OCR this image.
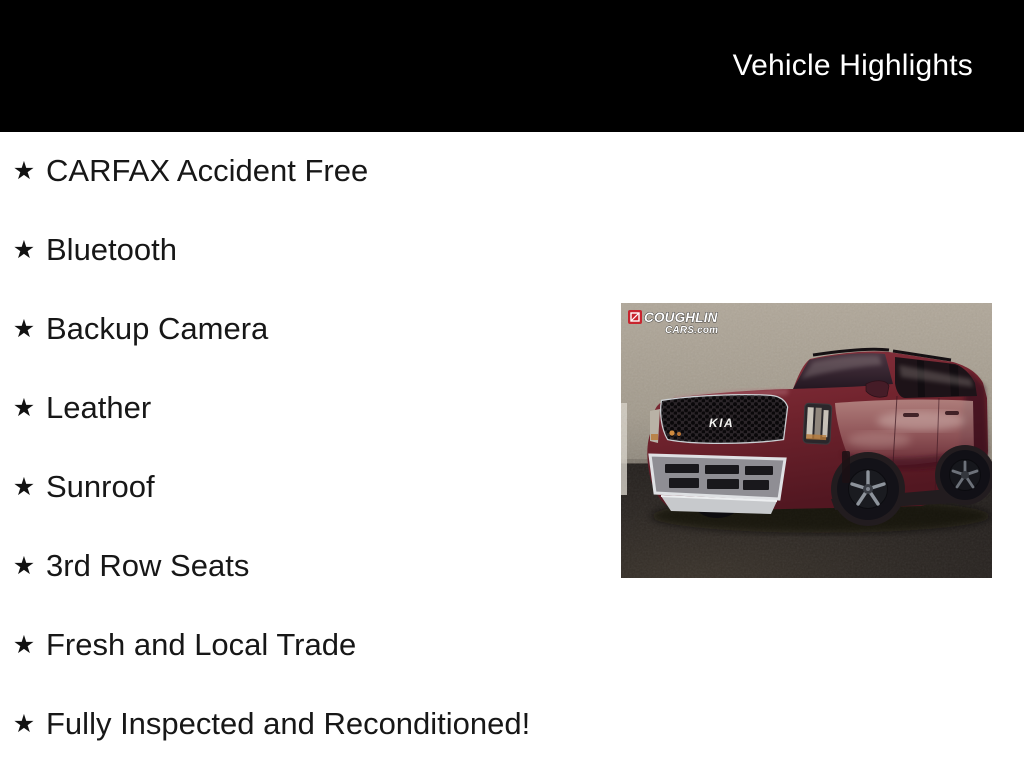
Vehicle Highlights
★ CARFAX Accident Free
★ Bluetooth
★ Backup Camera
★ Leather
★ Sunroof
★ 3rd Row Seats
★ Fresh and Local Trade
★ Fully Inspected and Reconditioned!
KIA
COUGHLIN
CARS.com
